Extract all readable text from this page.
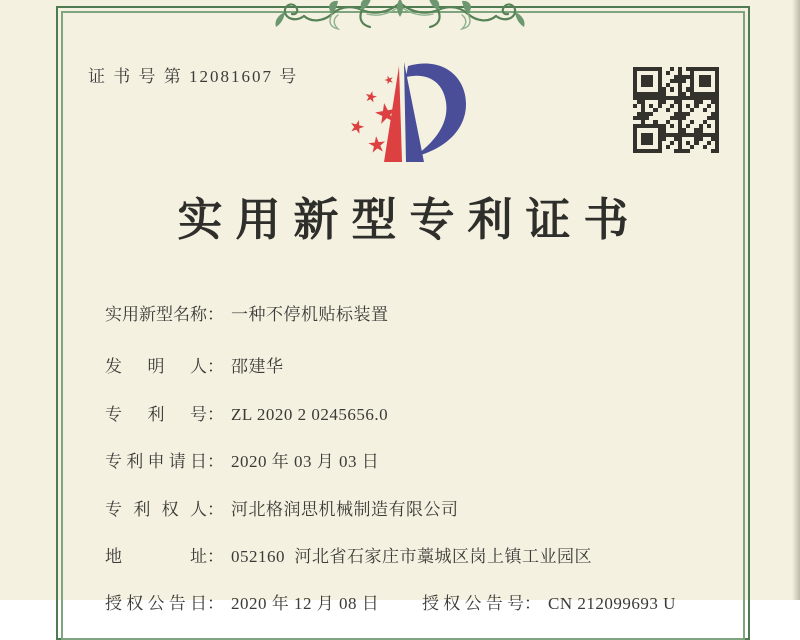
证 书 号 第 12081607 号
实用新型专利证书

实用新型名称： 一种不停机贴标装置

发明人： 邵建华

专利号： ZL 2020 2 0245656.0

专利申请日： 2020 年 03 月 03 日

专利权人： 河北格润思机械制造有限公司

地址： 052160  河北省石家庄市藁城区岗上镇工业园区

授权公告日： 2020 年 12 月 08 日
	授权公告号： CN 212099693 U
